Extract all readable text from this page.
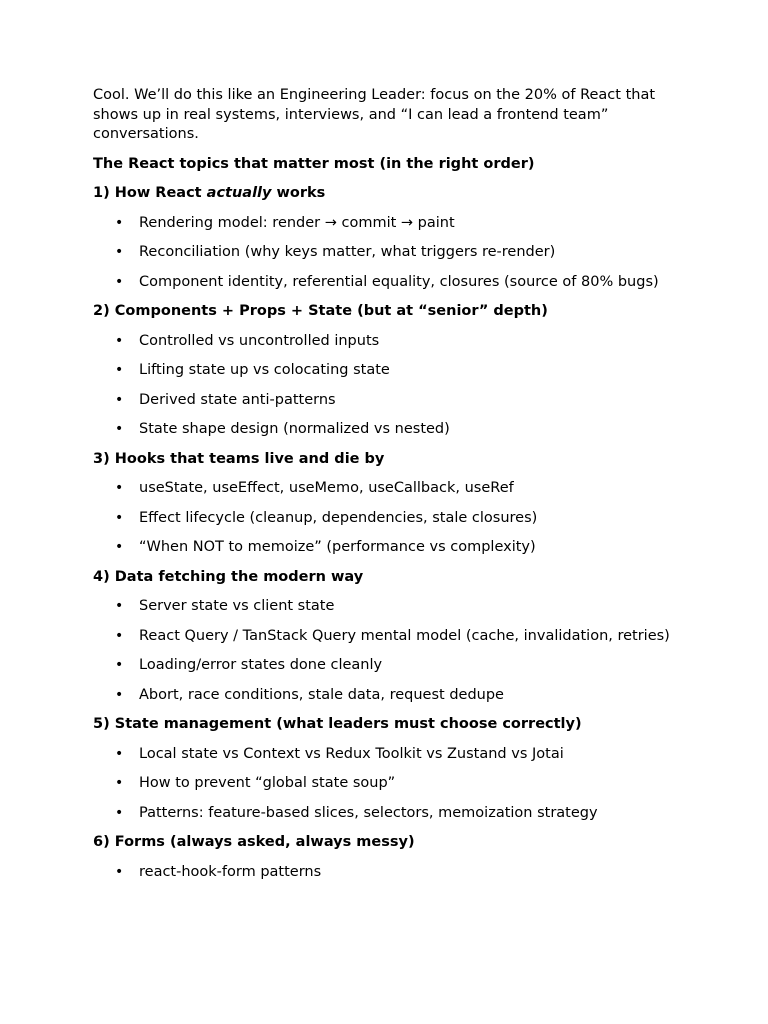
Cool. We’ll do this like an Engineering Leader: focus on the 20% of React that shows up in real systems, interviews, and “I can lead a frontend team” conversations.

The React topics that matter most (in the right order)

1) How React actually works

• Rendering model: render → commit → paint
• Reconciliation (why keys matter, what triggers re-render)
• Component identity, referential equality, closures (source of 80% bugs)

2) Components + Props + State (but at “senior” depth)

• Controlled vs uncontrolled inputs
• Lifting state up vs colocating state
• Derived state anti-patterns
• State shape design (normalized vs nested)

3) Hooks that teams live and die by

• useState, useEffect, useMemo, useCallback, useRef
• Effect lifecycle (cleanup, dependencies, stale closures)
• “When NOT to memoize” (performance vs complexity)

4) Data fetching the modern way

• Server state vs client state
• React Query / TanStack Query mental model (cache, invalidation, retries)
• Loading/error states done cleanly
• Abort, race conditions, stale data, request dedupe

5) State management (what leaders must choose correctly)

• Local state vs Context vs Redux Toolkit vs Zustand vs Jotai
• How to prevent “global state soup”
• Patterns: feature-based slices, selectors, memoization strategy

6) Forms (always asked, always messy)

• react-hook-form patterns
